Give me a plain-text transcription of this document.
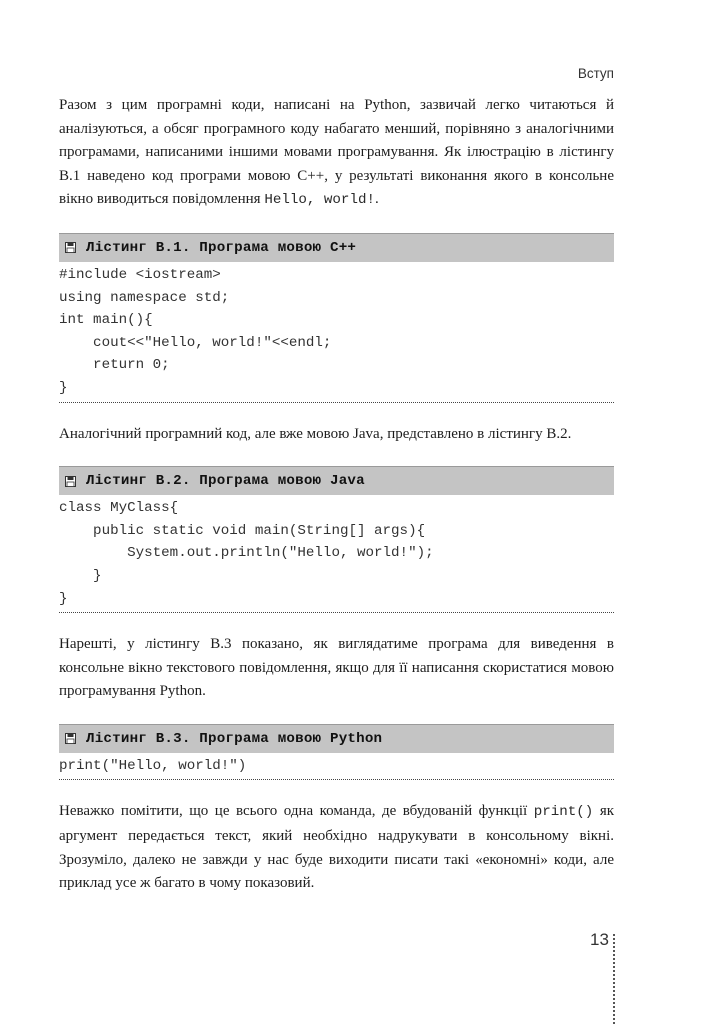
Вступ

Разом з цим програмні коди, написані на Python, зазвичай легко читаються й аналізуються, а обсяг програмного коду набагато менший, порівняно з аналогічними програмами, написаними іншими мовами програмування. Як ілюстрацію в лістингу В.1 наведено код програми мовою C++, у результаті виконання якого в консольне вікно виводиться повідомлення Hello, world!.

Лістинг В.1. Програма мовою C++
#include <iostream>
using namespace std;
int main(){
cout<<"Hello, world!"<<endl;
return 0;
}

Аналогічний програмний код, але вже мовою Java, представлено в лістингу В.2.

Лістинг В.2. Програма мовою Java
class MyClass{
public static void main(String[] args){
System.out.println("Hello, world!");
}
}

Нарешті, у лістингу В.3 показано, як виглядатиме програма для виведення в консольне вікно текстового повідомлення, якщо для її написання скористатися мовою програмування Python.

Лістинг В.3. Програма мовою Python
print("Hello, world!")

Неважко помітити, що це всього одна команда, де вбудованій функції print() як аргумент передається текст, який необхідно надрукувати в консольному вікні. Зрозуміло, далеко не завжди у нас буде виходити писати такі «економні» коди, але приклад усе ж багато в чому показовий.

13
